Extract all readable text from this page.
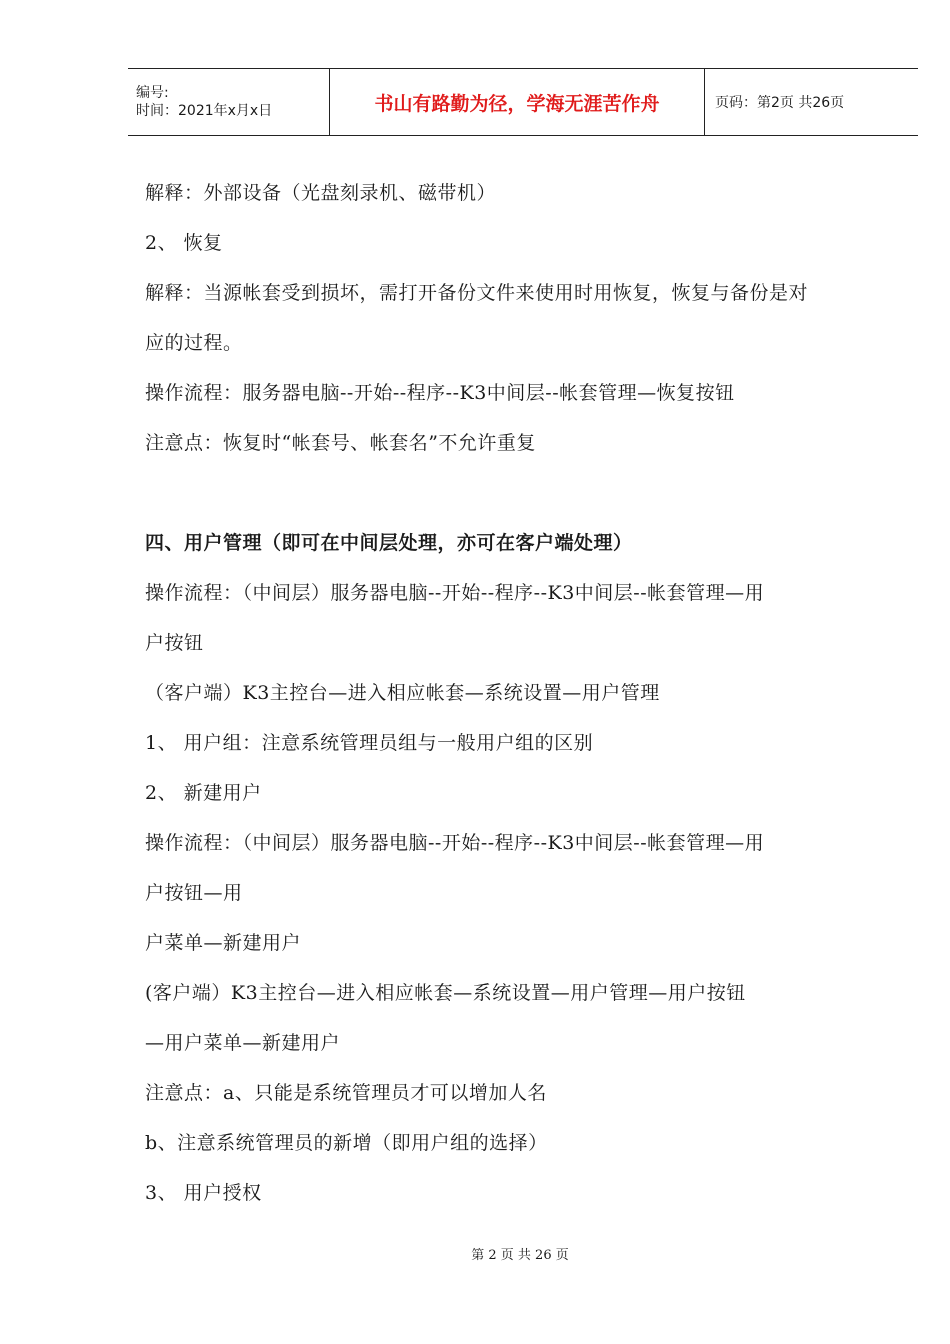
编号:
时间：2021年x月x日	书山有路勤为径，学海无涯苦作舟	页码：第2页 共26页
解释：外部设备（光盘刻录机、磁带机）
2、 恢复
解释：当源帐套受到损坏，需打开备份文件来使用时用恢复，恢复与备份是对
应的过程。
操作流程：服务器电脑--开始--程序--K3中间层--帐套管理—恢复按钮
注意点：恢复时“帐套号、帐套名”不允许重复
四、用户管理（即可在中间层处理，亦可在客户端处理）
操作流程：（中间层）服务器电脑--开始--程序--K3中间层--帐套管理—用
户按钮
（客户端）K3主控台—进入相应帐套—系统设置—用户管理
1、 用户组：注意系统管理员组与一般用户组的区别
2、 新建用户
操作流程：（中间层）服务器电脑--开始--程序--K3中间层--帐套管理—用
户按钮—用
户菜单—新建用户
(客户端）K3主控台—进入相应帐套—系统设置—用户管理—用户按钮
—用户菜单—新建用户
注意点：a、只能是系统管理员才可以增加人名
b、注意系统管理员的新增（即用户组的选择）
3、 用户授权
第 2 页 共 26 页
